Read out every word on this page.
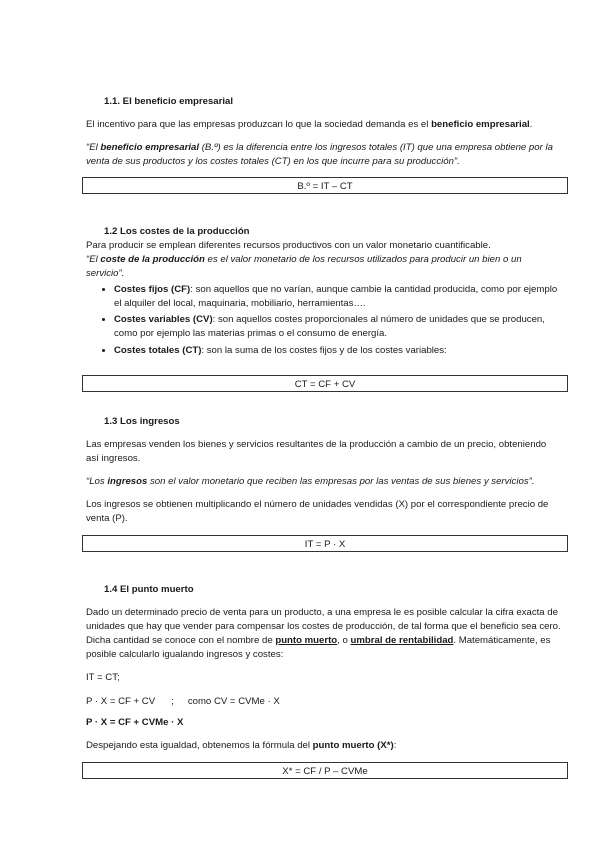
1.1. El beneficio empresarial

El incentivo para que las empresas produzcan lo que la sociedad demanda es el beneficio empresarial.

“El beneficio empresarial (B.º) es la diferencia entre los ingresos totales (IT) que una empresa obtiene por la venta de sus productos y los costes totales (CT) en los que incurre para su producción”.

B.º = IT – CT
1.2 Los costes de la producción

Para producir se emplean diferentes recursos productivos con un valor monetario cuantificable.

“El coste de la producción es el valor monetario de los recursos utilizados para producir un bien o un servicio”.

• Costes fijos (CF): son aquellos que no varían, aunque cambie la cantidad producida, como por ejemplo el alquiler del local, maquinaria, mobiliario, herramientas….
• Costes variables (CV): son aquellos costes proporcionales al número de unidades que se producen, como por ejemplo las materias primas o el consumo de energía.
• Costes totales (CT): son la suma de los costes fijos y de los costes variables:
CT = CF + CV
1.3 Los ingresos

Las empresas venden los bienes y servicios resultantes de la producción a cambio de un precio, obteniendo así ingresos.

“Los ingresos son el valor monetario que reciben las empresas por las ventas de sus bienes y servicios”.

Los ingresos se obtienen multiplicando el número de unidades vendidas (X) por el correspondiente precio de venta (P).

IT = P · X
1.4 El punto muerto

Dado un determinado precio de venta para un producto, a una empresa le es posible calcular la cifra exacta de unidades que hay que vender para compensar los costes de producción, de tal forma que el beneficio sea cero. Dicha cantidad se conoce con el nombre de punto muerto, o umbral de rentabilidad. Matemáticamente, es posible calcularlo igualando ingresos y costes:

IT = CT;

P · X = CF + CV ; como CV = CVMe · X

P · X = CF + CVMe · X

Despejando esta igualdad, obtenemos la fórmula del punto muerto (X*):

X* = CF / P – CVMe
